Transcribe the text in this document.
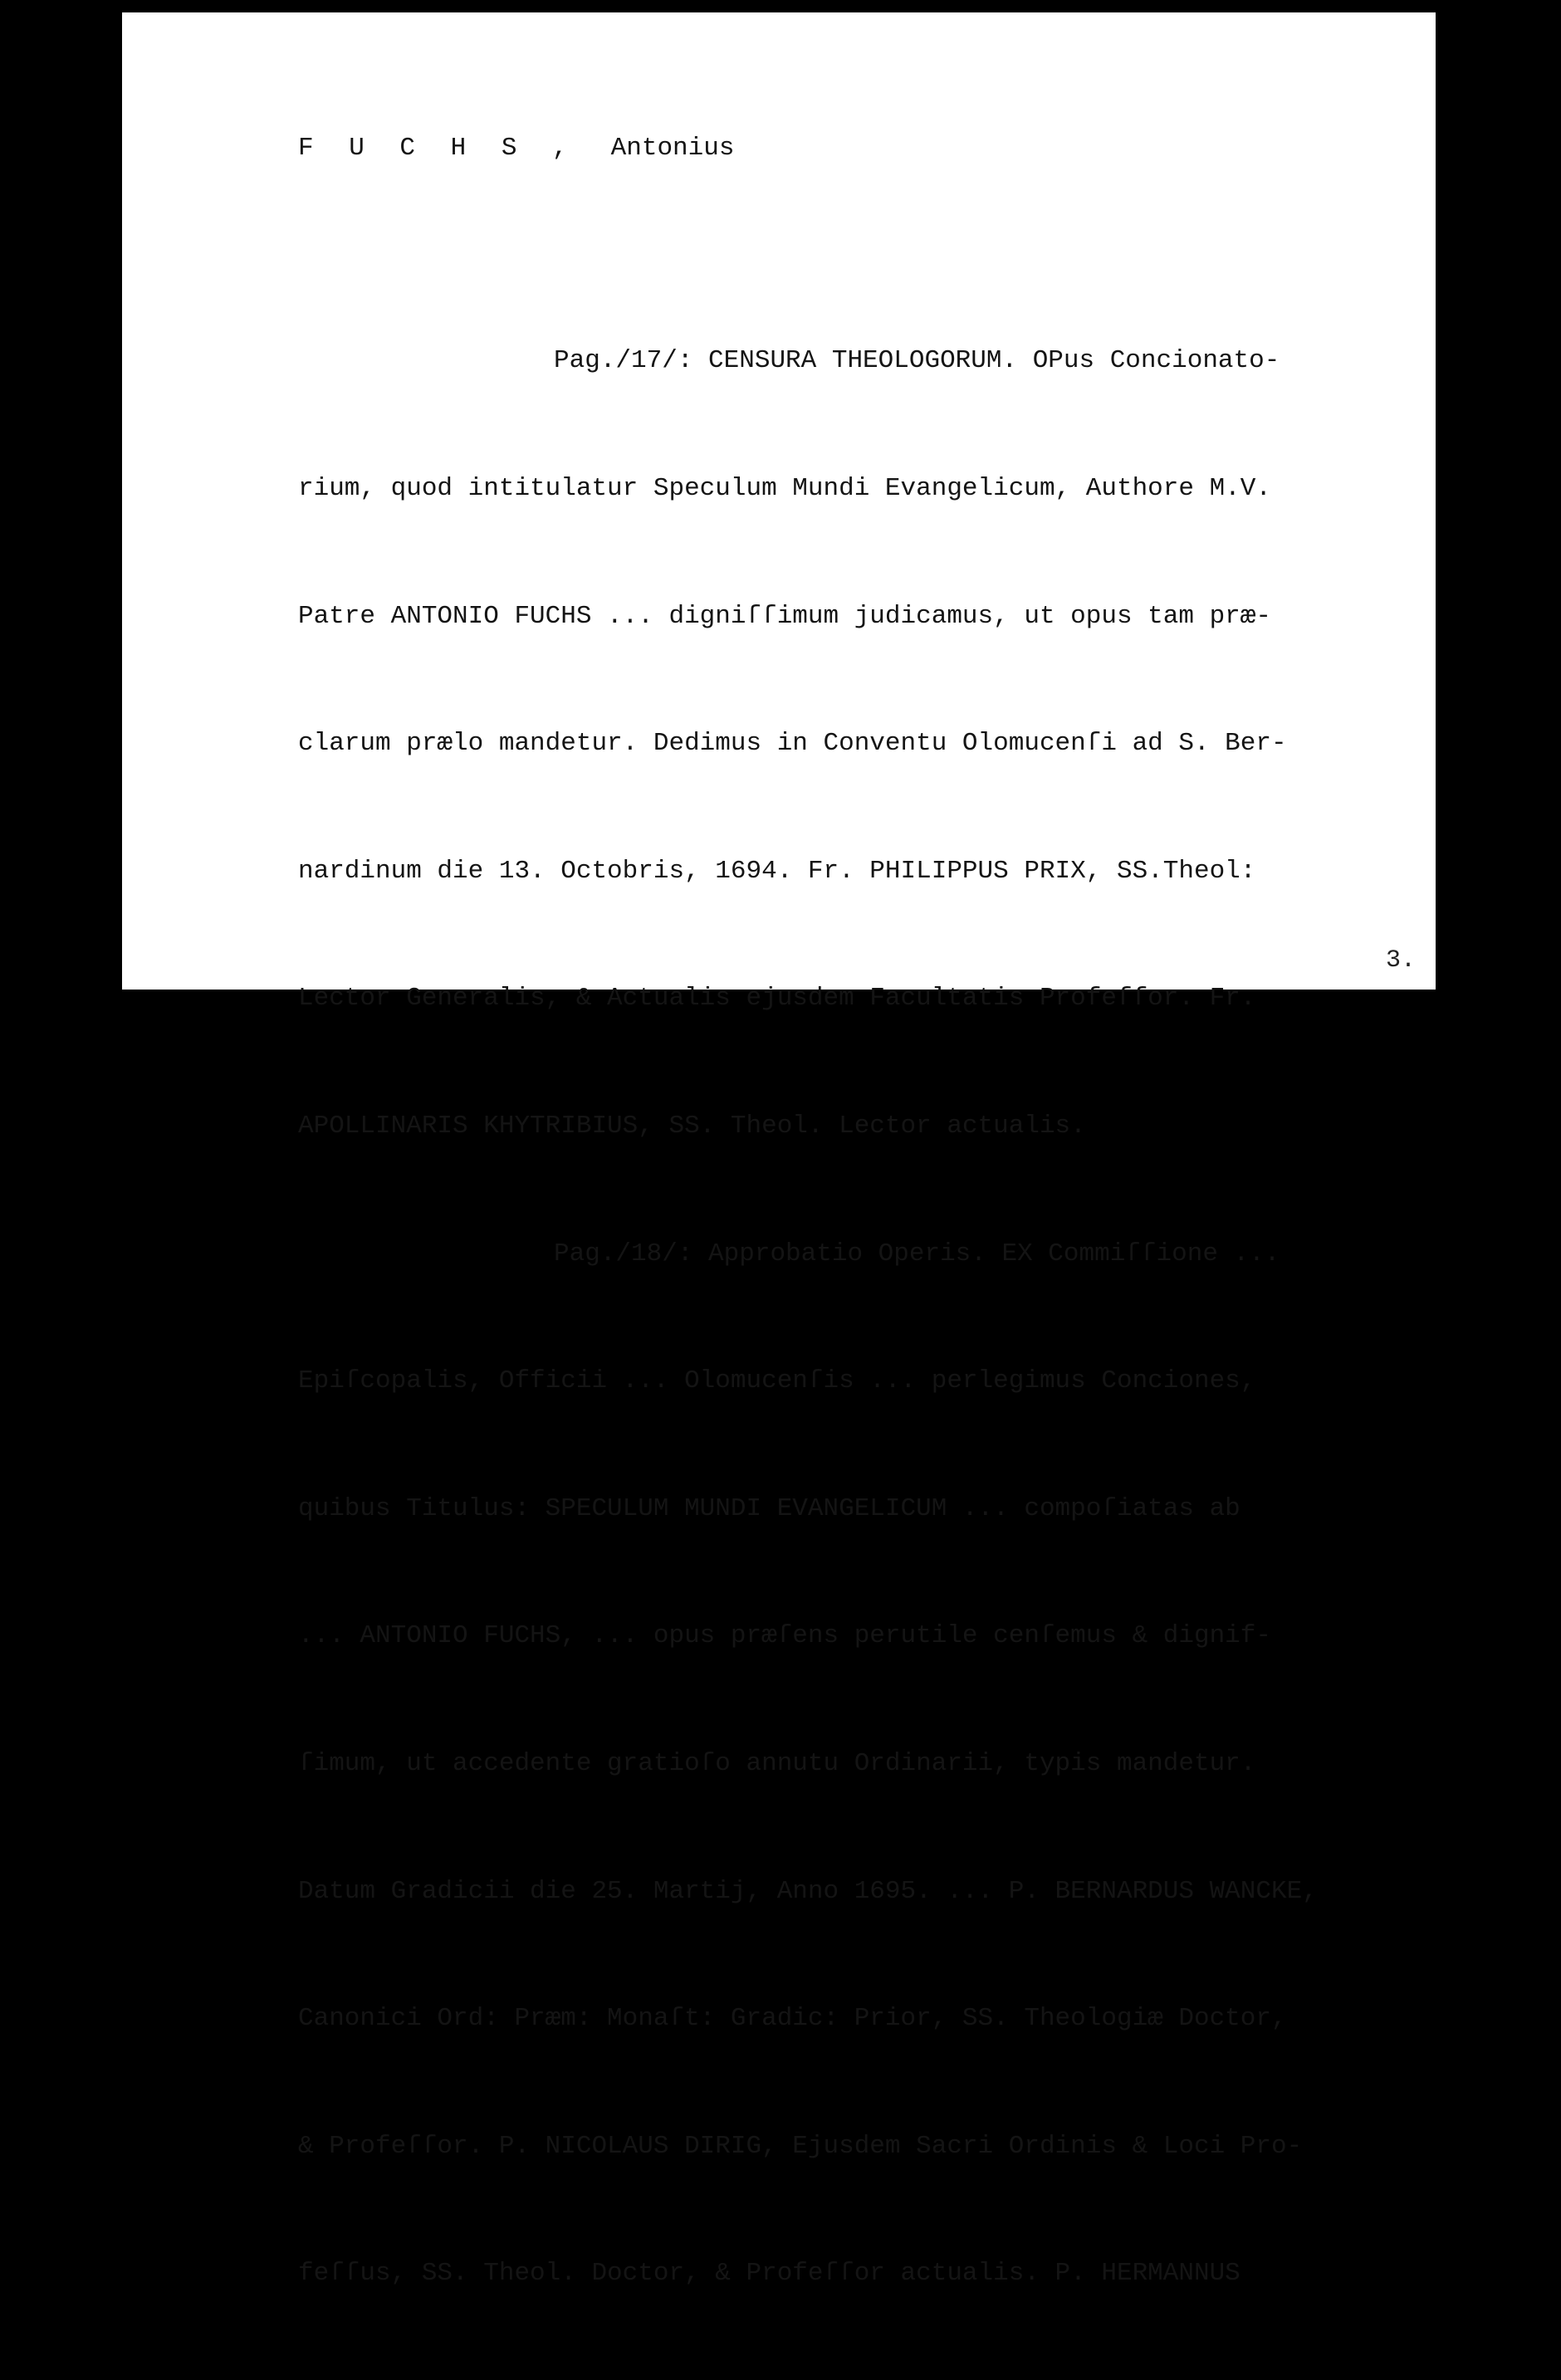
F U C H S , Antonius

Pag./17/: CENSURA THEOLOGORUM. OPus Concionato-

rium, quod intitulatur Speculum Mundi Evangelicum, Authore M.V.

Patre ANTONIO FUCHS ... digniſſimum judicamus, ut opus tam præ-

clarum prælo mandetur. Dedimus in Conventu Olomucenſi ad S. Ber-

nardinum die 13. Octobris, 1694. Fr. PHILIPPUS PRIX, SS.Theol:

Lector Generalis, & Actualis ejusdem Facultatis Profeſſor. Fr.

APOLLINARIS KHYTRIBIUS, SS. Theol. Lector actualis.

Pag./18/: Approbatio Operis. EX Commiſſione ...

Epiſcopalis, Officii ... Olomucenſis ... perlegimus Conciones,

quibus Titulus: SPECULUM MUNDI EVANGELICUM ... compoſiatas ab

... ANTONIO FUCHS, ... opus præſens perutile cenſemus & dignif-

ſimum, ut accedente gratioſo annutu Ordinarii, typis mandetur.

Datum Gradicii die 25. Martij, Anno 1695. ... P. BERNARDUS WANCKE,

Canonici Ord: Præm: Monaſt: Gradic: Prior, SS. Theologiæ Doctor,

& Profeſſor. P. NICOLAUS DIRIG, Ejusdem Sacri Ordinis & Loci Pro-

feſſus, SS. Theol. Doctor, & Profeſſor actualis. P. HERMANNUS

3.
